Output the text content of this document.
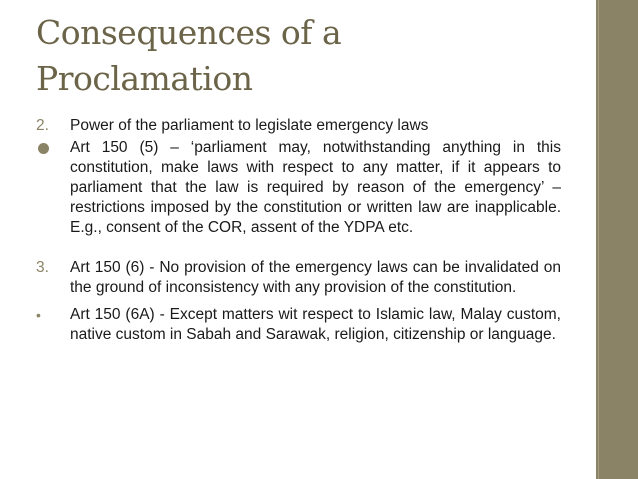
Consequences of a Proclamation
2. Power of the parliament to legislate emergency laws
Art 150 (5) – ‘parliament may, notwithstanding anything in this constitution, make laws with respect to any matter, if it appears to parliament that the law is required by reason of the emergency’ – restrictions imposed by the constitution or written law are inapplicable. E.g., consent of the COR, assent of the YDPA etc.
3. Art 150 (6) - No provision of the emergency laws can be invalidated on the ground of inconsistency with any provision of the constitution.
• Art 150 (6A) - Except matters wit respect to Islamic law, Malay custom, native custom in Sabah and Sarawak, religion, citizenship or language.
